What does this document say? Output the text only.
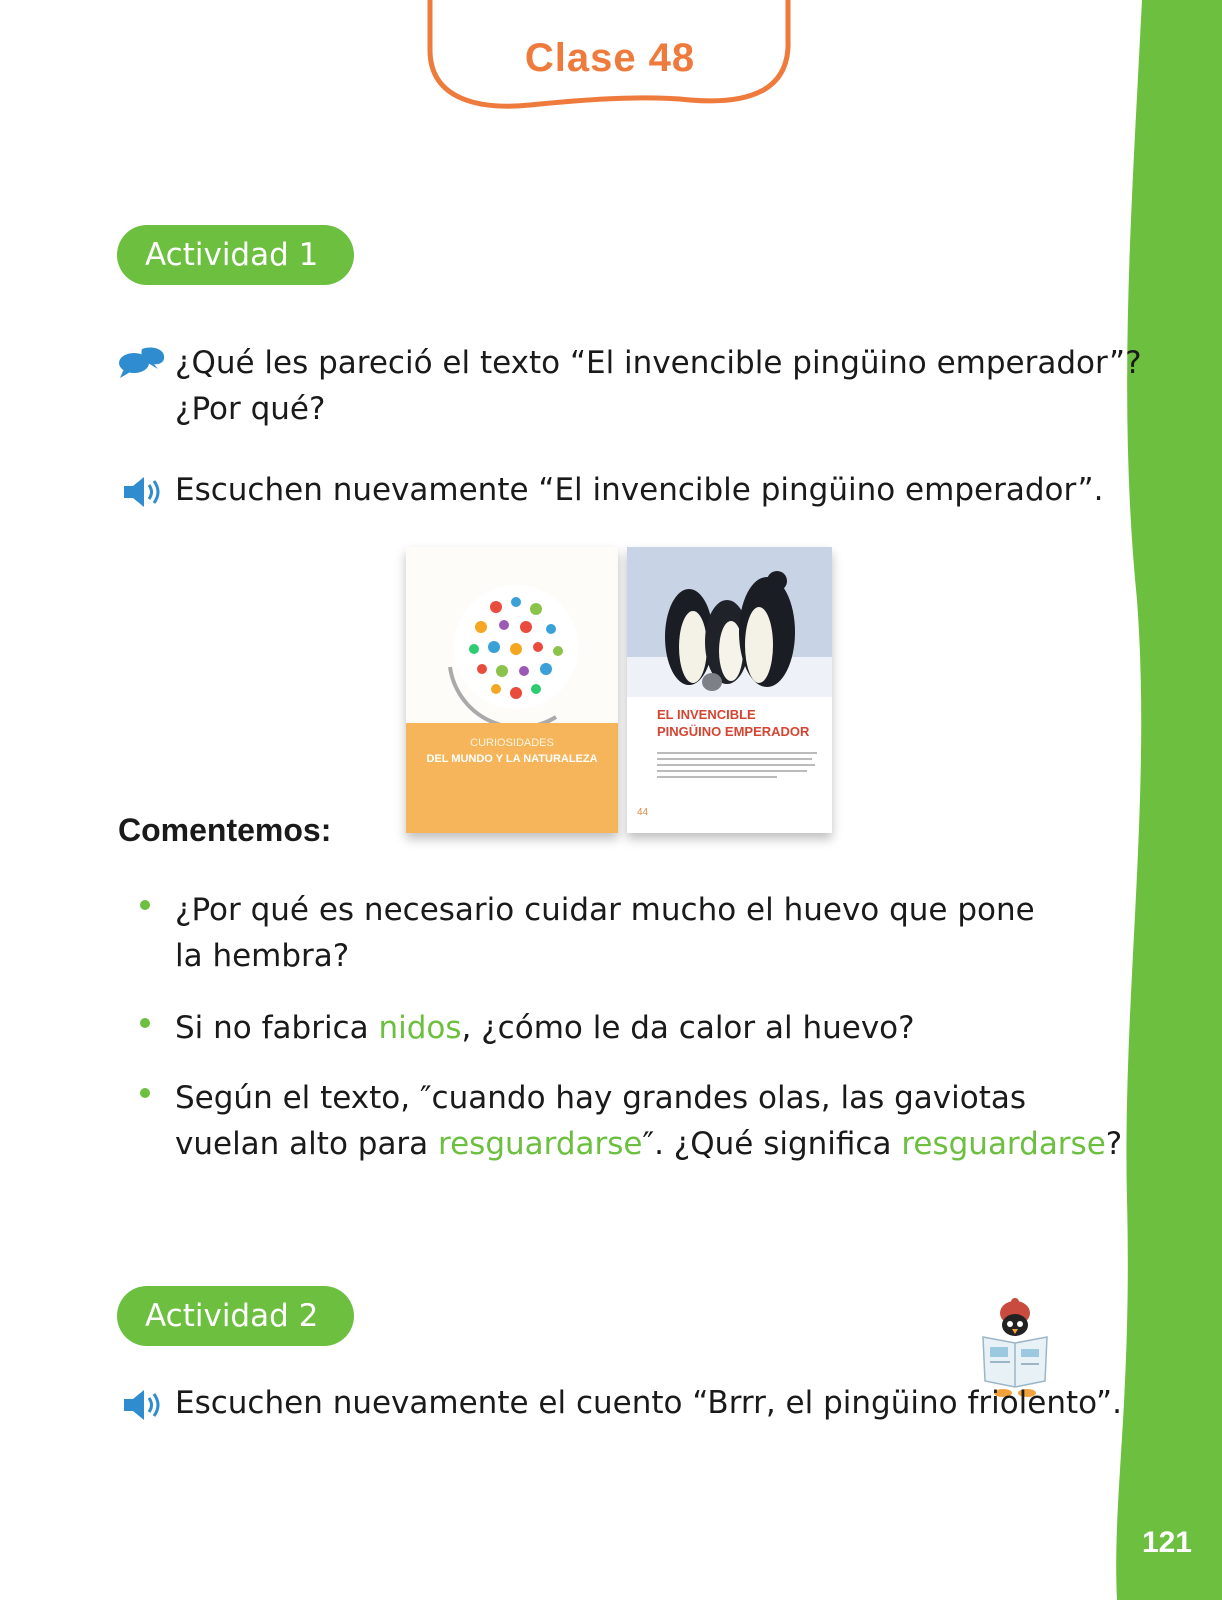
121
Clase 48
Actividad 1
¿Qué les pareció el texto “El invencible pingüino emperador”?
¿Por qué?
Escuchen nuevamente “El invencible pingüino emperador”.
CURIOSIDADES
DEL MUNDO Y LA NATURALEZA
EL INVENCIBLE
PINGÜINO EMPERADOR
44
Comentemos:
¿Por qué es necesario cuidar mucho el huevo que pone
la hembra?
Si no fabrica nidos, ¿cómo le da calor al huevo?
Según el texto, ″cuando hay grandes olas, las gaviotas
vuelan alto para resguardarse″. ¿Qué significa resguardarse?
Actividad 2
Escuchen nuevamente el cuento “Brrr, el pingüino friolento”.
